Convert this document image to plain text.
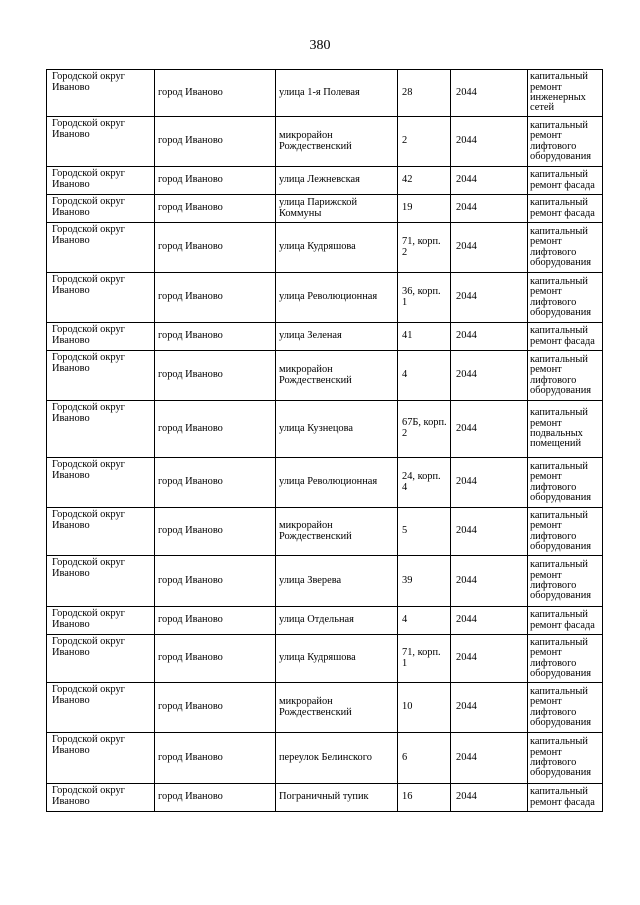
380
Городской округ Иваново	город Иваново	улица 1-я Полевая	28	2044	капитальный ремонт инженерных сетей
Городской округ Иваново	город Иваново	микрорайон Рождественский	2	2044	капитальный ремонт лифтового оборудования
Городской округ Иваново	город Иваново	улица Лежневская	42	2044	капитальный ремонт фасада
Городской округ Иваново	город Иваново	улица Парижской Коммуны	19	2044	капитальный ремонт фасада
Городской округ Иваново	город Иваново	улица Кудряшова	71, корп. 2	2044	капитальный ремонт лифтового оборудования
Городской округ Иваново	город Иваново	улица Революционная	36, корп. 1	2044	капитальный ремонт лифтового оборудования
Городской округ Иваново	город Иваново	улица Зеленая	41	2044	капитальный ремонт фасада
Городской округ Иваново	город Иваново	микрорайон Рождественский	4	2044	капитальный ремонт лифтового оборудования
Городской округ Иваново	город Иваново	улица Кузнецова	67Б, корп. 2	2044	капитальный ремонт подвальных помещений
Городской округ Иваново	город Иваново	улица Революционная	24, корп. 4	2044	капитальный ремонт лифтового оборудования
Городской округ Иваново	город Иваново	микрорайон Рождественский	5	2044	капитальный ремонт лифтового оборудования
Городской округ Иваново	город Иваново	улица Зверева	39	2044	капитальный ремонт лифтового оборудования
Городской округ Иваново	город Иваново	улица Отдельная	4	2044	капитальный ремонт фасада
Городской округ Иваново	город Иваново	улица Кудряшова	71, корп. 1	2044	капитальный ремонт лифтового оборудования
Городской округ Иваново	город Иваново	микрорайон Рождественский	10	2044	капитальный ремонт лифтового оборудования
Городской округ Иваново	город Иваново	переулок Белинского	6	2044	капитальный ремонт лифтового оборудования
Городской округ Иваново	город Иваново	Пограничный тупик	16	2044	капитальный ремонт фасада
